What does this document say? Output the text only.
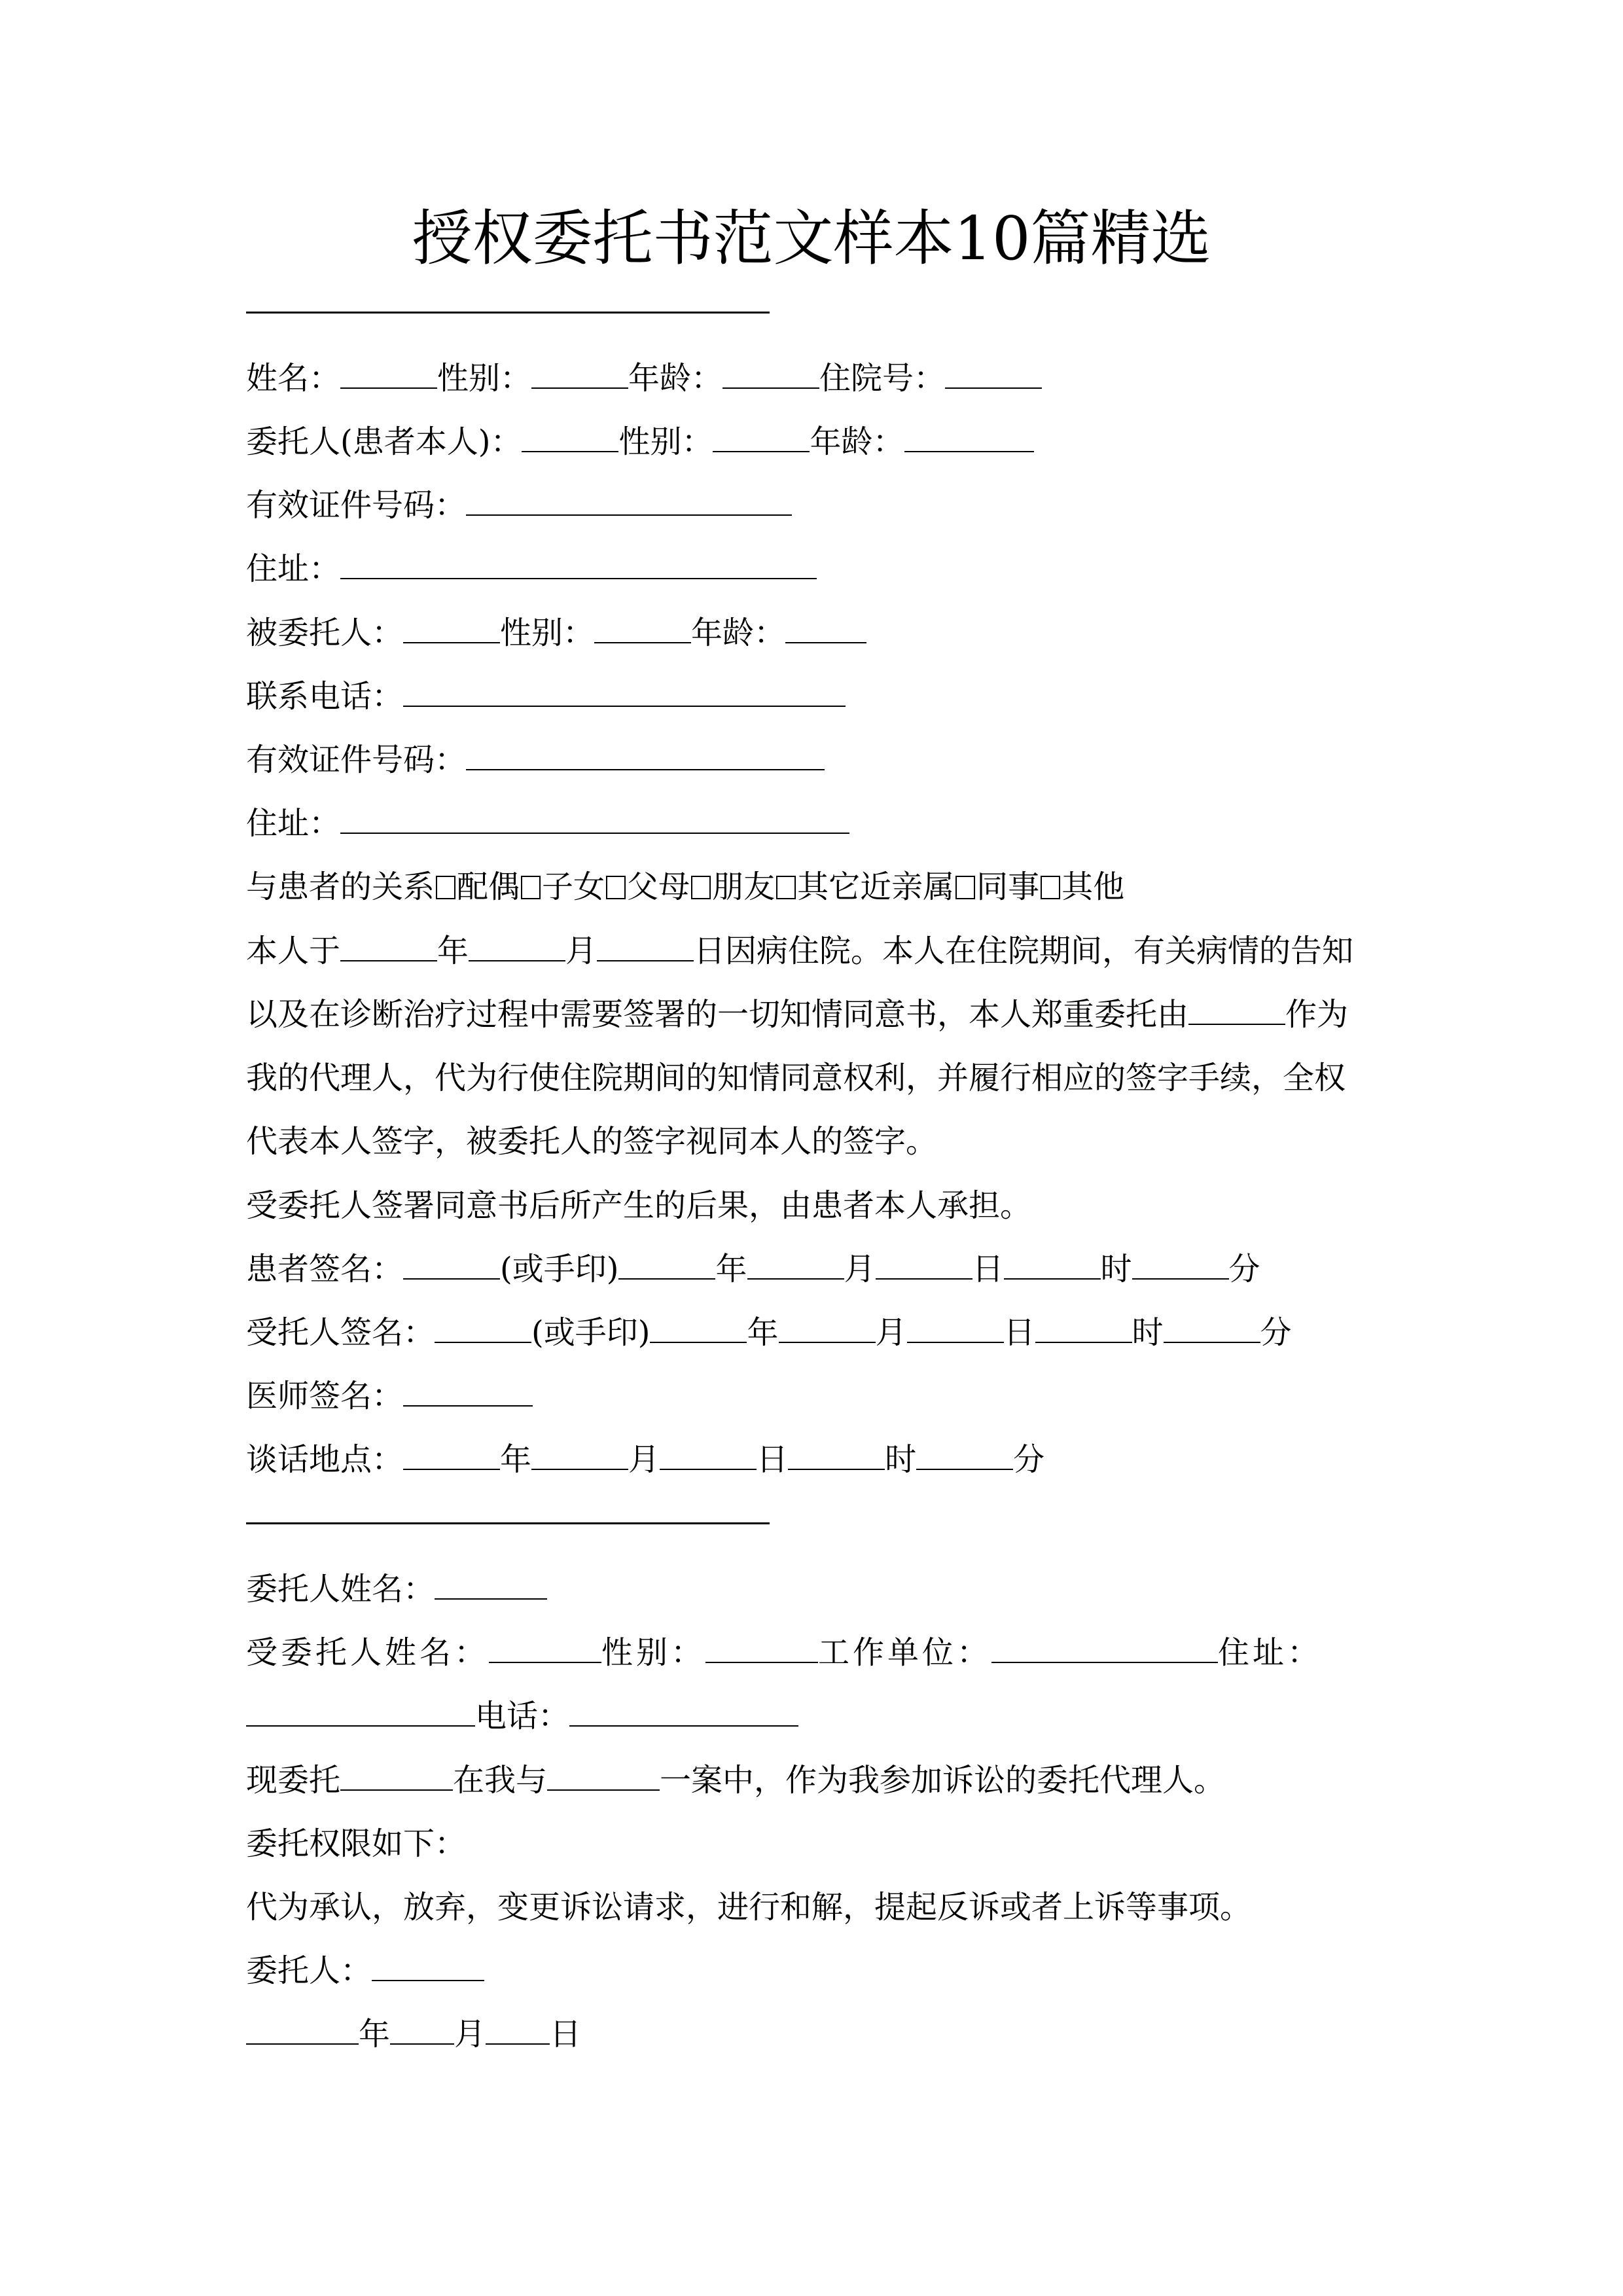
授权委托书范文样本10篇精选
姓名：	性别：	年龄：	住院号：
委托人(患者本人)：	性别：	年龄：
有效证件号码：
住址：
被委托人：	性别：	年龄：
联系电话：
有效证件号码：
住址：
与患者的关系 配偶 子女 父母 朋友 其它近亲属 同事 其他
本人于	年	月	日因病住院。本人在住院期间，有关病情的告知
以及在诊断治疗过程中需要签署的一切知情同意书，本人郑重委托由	作为
我的代理人，代为行使住院期间的知情同意权利，并履行相应的签字手续，全权
代表本人签字，被委托人的签字视同本人的签字。
受委托人签署同意书后所产生的后果，由患者本人承担。
患者签名：	(或手印)	年	月	日	时	分
受托人签名：	(或手印)	年	月	日	时	分
医师签名：
谈话地点：	年	月	日	时	分
委托人姓名：
受委托人姓名：	性别：	工作单位：	住址：
电话：
现委托	在我与	一案中，作为我参加诉讼的委托代理人。
委托权限如下：
代为承认，放弃，变更诉讼请求，进行和解，提起反诉或者上诉等事项。
委托人：
年 月 日
